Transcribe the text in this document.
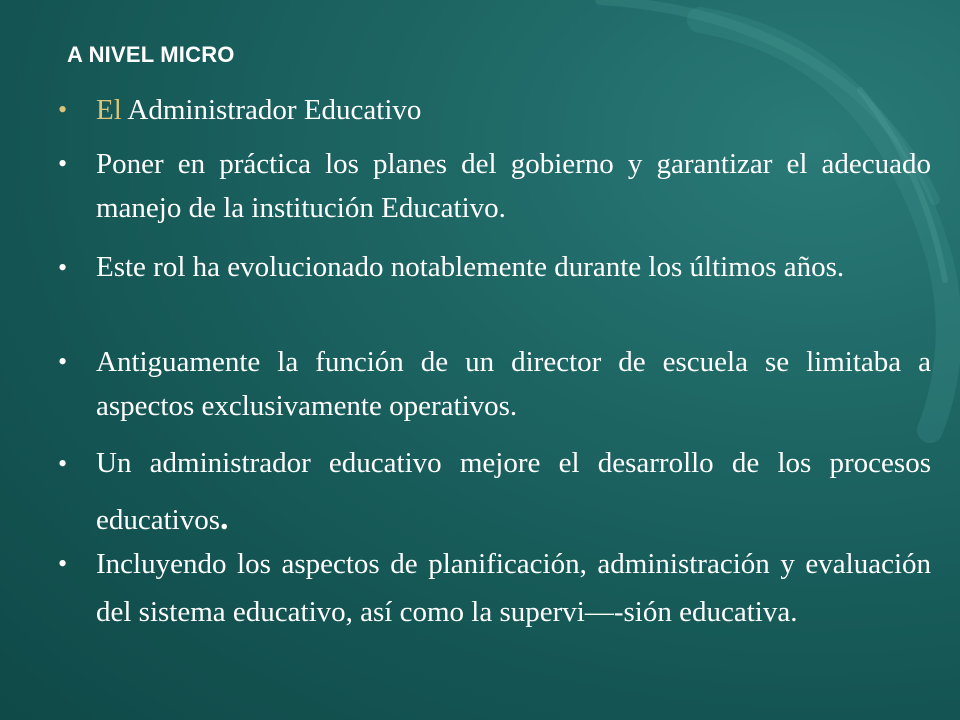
A NIVEL MICRO
• El Administrador Educativo
• Poner en práctica los planes del gobierno y garantizar el adecuado manejo de la institución Educativo.
• Este rol ha evolucionado notablemente durante los últimos años.
• Antiguamente la función de un director de escuela se limitaba a aspectos exclusivamente operativos.
• Un administrador educativo mejore el desarrollo de los procesos educativos.
• Incluyendo los aspectos de planificación, administración y evaluación del sistema educativo, así como la supervi—-sión educativa.
